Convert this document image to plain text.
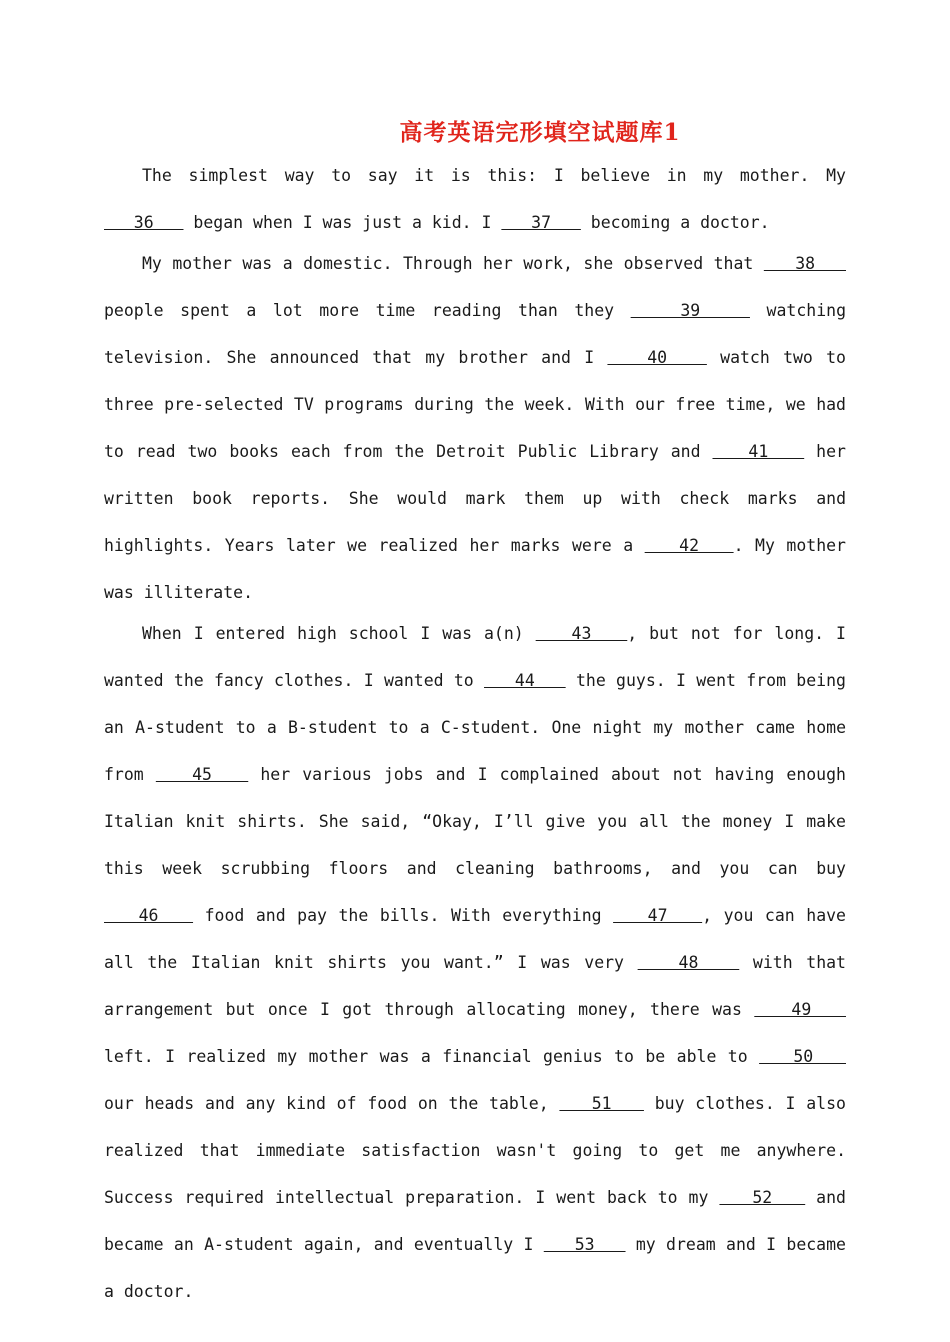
高考英语完形填空试题库1

The simplest way to say it is this: I believe in my mother. My    36    began when I was just a kid. I    37    becoming a doctor.

My mother was a domestic. Through her work, she observed that    38    people spent a lot more time reading than they    39    watching television. She announced that my brother and I    40    watch two to three pre-selected TV programs during the week. With our free time, we had to read two books each from the Detroit Public Library and    41    her written book reports. She would mark them up with check marks and highlights. Years later we realized her marks were a    42   . My mother was illiterate.

When I entered high school I was a(n)    43   , but not for long. I wanted the fancy clothes. I wanted to    44    the guys. I went from being an A-student to a B-student to a C-student. One night my mother came home from    45    her various jobs and I complained about not having enough Italian knit shirts. She said, “Okay, I’ll give you all the money I make this week scrubbing floors and cleaning bathrooms, and you can buy    46    food and pay the bills. With everything    47   , you can have all the Italian knit shirts you want.” I was very    48    with that arrangement but once I got through allocating money, there was    49    left. I realized my mother was a financial genius to be able to    50    our heads and any kind of food on the table,    51    buy clothes. I also realized that immediate satisfaction wasn't going to get me anywhere. Success required intellectual preparation. I went back to my    52    and became an A-student again, and eventually I    53    my dream and I became a doctor.
